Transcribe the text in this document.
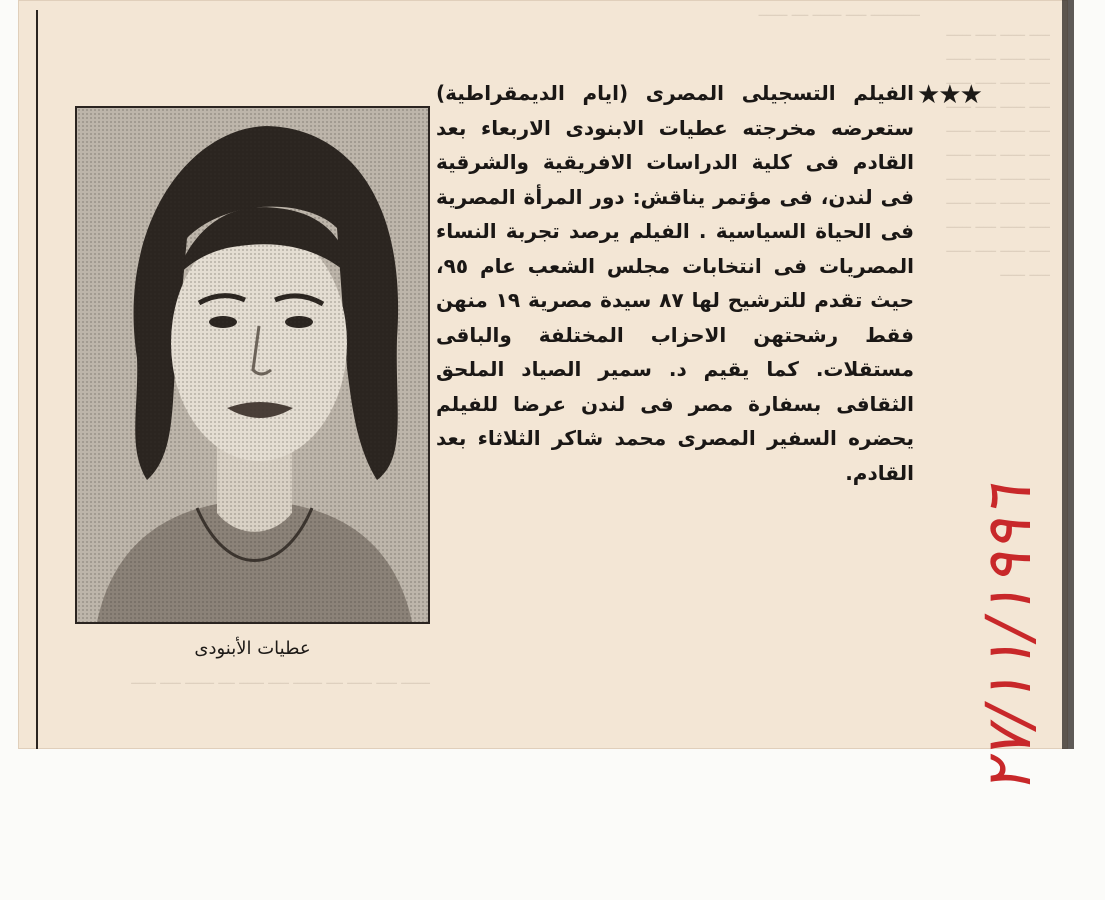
ــــــــــــ ـــــ ـــــــ ــــ ـــــــ
ـــــ ــــــ ـــــ ــــــ ـــــ ــــــ ـــــ ــــــ ـــــ ــــــ ـــــ ــــــ ـــــ ــــــ ـــــ ــــــ ـــــ ــــــ ـــــ ــــــ ـــــ ــــــ ـــــ ــــــ ـــــ ــــــ ـــــ ــــــ ـــــ ــــــ ـــــ ــــــ ـــــ ــــــ ـــــ ــــــ ـــــ ــــــ ـــــ ــــــ ـــــ ــــــ
ـــــــ ـــــ ــــــ ــــ ـــــــ ـــــ ــــــ ــــ ـــــــ ـــــ ــــــ
عطيات الأبنودى
★★★

الفيلم التسجيلى المصرى (ايام الديمقراطية) ستعرضه مخرجته عطيات الابنودى الاربعاء بعد القادم فى كلية الدراسات الافريقية والشرقية فى لندن، فى مؤتمر يناقش: دور المرأة المصرية فى الحياة السياسية . الفيلم يرصد تجربة النساء المصريات فى انتخابات مجلس الشعب عام ٩٥، حيث تقدم للترشيح لها ٨٧ سيدة مصرية ١٩ منهن فقط رشحتهن الاحزاب المختلفة والباقى مستقلات. كما يقيم د. سمير الصياد الملحق الثقافى بسفارة مصر فى لندن عرضا للفيلم يحضره السفير المصرى محمد شاكر الثلاثاء بعد القادم.

٢٧/١١/١٩٩٦
